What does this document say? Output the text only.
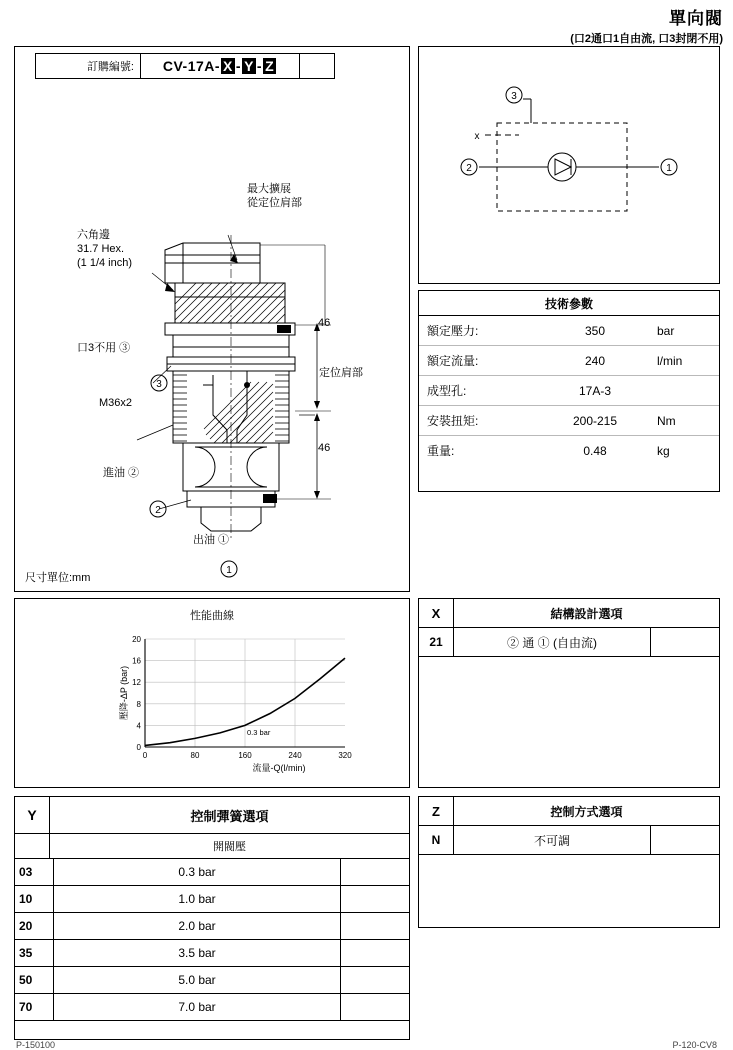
單向閥
(口2通口1自由流, 口3封閉不用)
訂購編號:	CV-17A- X - Y - Z
3
2
1
六角邊
31.7 Hex.
(1 1/4 inch)
最大擴展
從定位肩部
口3不用 ③
M36x2
進油 ②
出油 ①
定位肩部
46
46
尺寸單位:mm
1
2
3
x
技術參數
額定壓力:	350	bar
額定流量:	240	l/min
成型孔:	17A-3
安裝扭矩:	200-215	Nm
重量:	0.48	kg
性能曲線
20
16
12
8
4
0
0	80	160	240	320
流量-Q(l/min)
壓降-ΔP (bar)
0.3 bar
X	結構設計選項
21	② 通 ① (自由流)
Y	控制彈簧選項
開閥壓
03	0.3 bar
10	1.0 bar
20	2.0 bar
35	3.5 bar
50	5.0 bar
70	7.0 bar
Z	控制方式選項
N	不可調
P-150100	P-120-CV8
